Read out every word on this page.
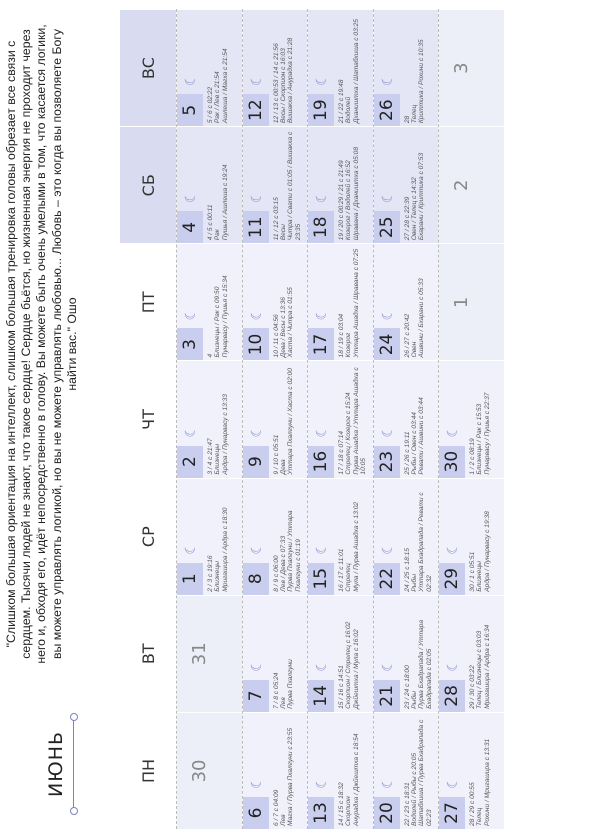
ИЮНЬ
"Слишком большая ориентация на интеллект, слишком большая тренировка головы обрезает все связи с сердцем. Тысячи людей не знают, что такое сердце! Сердце бьётся, но жизненная энергия не проходит через него и, обходя его, идёт непосредственно в голову. Вы можете быть очень умелыми в том, что касается логики, вы можете управлять логикой, но вы не можете управлять любовью... Любовь – это когда вы позволяете Богу найти вас." Ошо
ПН
ВТ
СР
ЧТ
ПТ
СБ
ВС
30
31
1
☾
2 / 3 с 19:16
Близнецы
Мригашира / Ардра с 18:30
2
☾
3 / 4 с 21:47
Близнецы
Ардра / Пунарвасу с 13:33
3
☾
4
Близнецы / Рак с 09:50
Пунарвасу / Пушья с 15:34
4
☾
4 / 5 с 00:11
Рак
Пушья / Ашлеша с 19:24
5
☾
5 / 6 с 02:22
Рак / Лев с 21:54
Ашлеша / Магха с 21:54
6
☾
6 / 7 с 04:09
Лев
Магха / Пурва Пхалгуни с 23:55
7
☾
7 / 8 с 05:24
Лев
Пурва Пхалгуни
8
☾
8 / 9 с 06:00
Лев / Дева с 07:33
Пурва Пхалгуни / Уттара Пхалгуни с 01:19
9
☾
9 / 10 с 05:51
Дева
Уттара Пхалгуни / Хаста с 02:00
10
☾
10 / 11 с 04:56
Дева / Весы с 13:36
Хаста / Читра с 01:55
11
☾
11 / 12 с 03:15
Весы
Читра / Свати с 01:05 / Вишакха с 23:35
12
☾
12 / 13 с 00:53 / 14 с 21:56
Весы / Скорпион с 16:03
Вишакха / Анурадха с 21:28
13
☾
14 / 15 с 18:32
Скорпион
Анурадха / Джйештха с 18:54
14
☾
15 / 16 с 14:51
Скорпион / Стрелец с 16:02
Джйештха / Мула с 16:02
15
☾
16 / 17 с 11:01
Стрелец
Мула / Пурва Ашадха с 13:02
16
☾
17 / 18 с 07:14
Стрелец / Козерог с 15:24
Пурва Ашадха / Уттара Ашадха с 10:05
17
☾
18 / 19 с 03:04
Козерог
Уттара Ашадха / Шравана с 07:25
18
☾
19 / 20 с 00:29 / 21 с 21:49
Козерог / Водолей с 16:52
Шравана / Дхаништха с 05:08
19
☾
21 / 22 с 19:48
Водолей
Дхаништха / Шатабхиша с 03:25
20
☾
22 / 23 с 18:31
Водолей / Рыбы с 20:05
Шатабхиша / Пурва Бхадрапада с 02:23
21
☾
23 / 24 с 18:00
Рыбы
Пурва Бхадрапада / Уттара Бхадрапада с 02:05
22
☾
24 / 25 с 18:15
Рыбы
Уттара Бхадрапада / Ревати с 02:32
23
☾
25 / 26 с 19:11
Рыбы / Овен с 03:44
Ревати / Ашвини с 03:44
24
☾
26 / 27 с 20:42
Овен
Ашвини / Бхарани с 05:33
25
☾
27 / 28 с 22:39
Овен / Телец с 14:32
Бхарани / Криттика с 07:53
26
☾
28
Телец
Криттика / Рохини с 10:35
27
☾
28 / 29 с 00:55
Телец
Рохини / Мригашира с 13:31
28
☾
29 / 30 с 03:22
Телец / Близнецы с 03:03
Мригашира / Ардра с 16:34
29
☾
30 / 1 с 05:51
Близнецы
Ардра / Пунарвасу с 19:38
30
☾
1 / 2 с 08:19
Близнецы / Рак с 15:53
Пунарвасу / Пушья с 22:37
1
2
3
